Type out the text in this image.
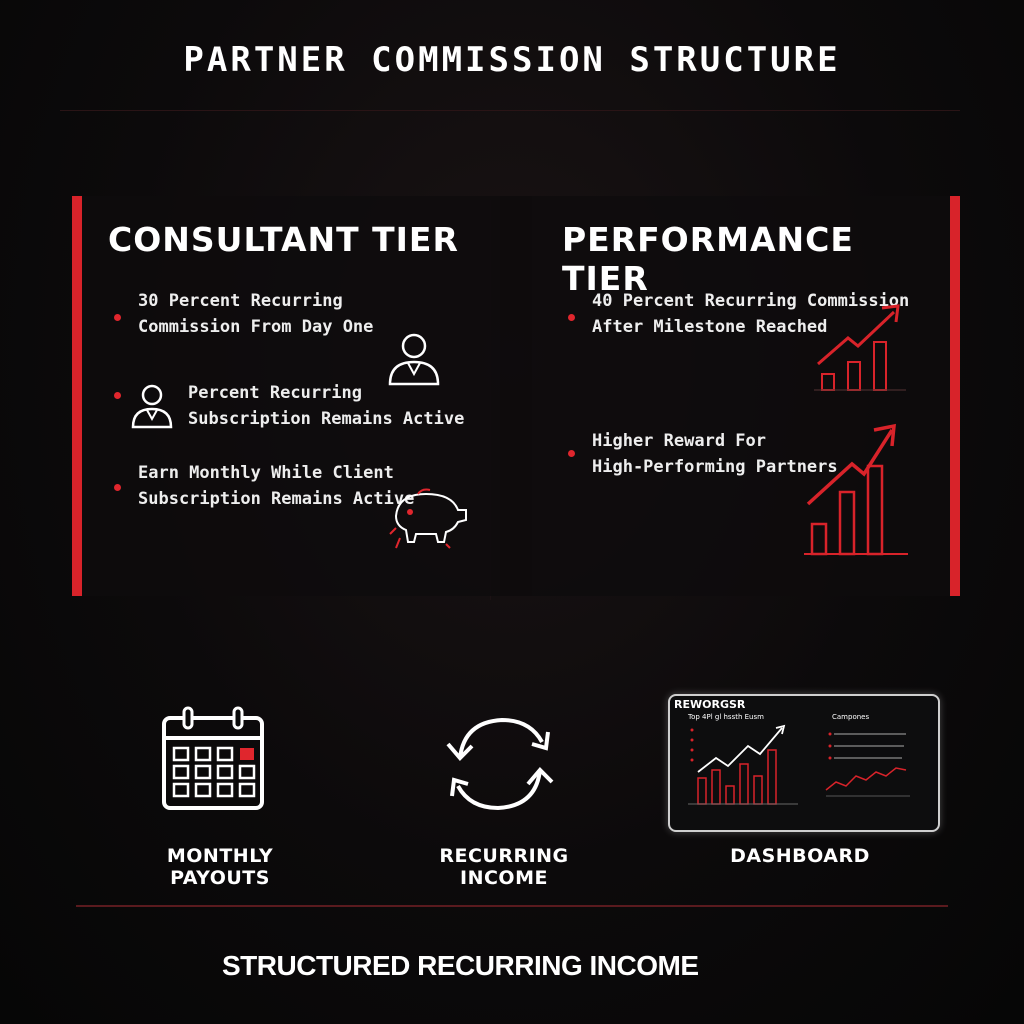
PARTNER COMMISSION STRUCTURE
CONSULTANT TIER
30 Percent Recurring
Commission From Day One
Percent Recurring
Subscription Remains Active
Earn Monthly While Client
Subscription Remains Active
PERFORMANCE TIER
40 Percent Recurring Commission
After Milestone Reached
Higher Reward For
High-Performing Partners
MONTHLY PAYOUTS
RECURRING INCOME
REWORGSR
Top 4Pl gl hssth Eusm	Campones
DASHBOARD
STRUCTURED RECURRING INCOME
